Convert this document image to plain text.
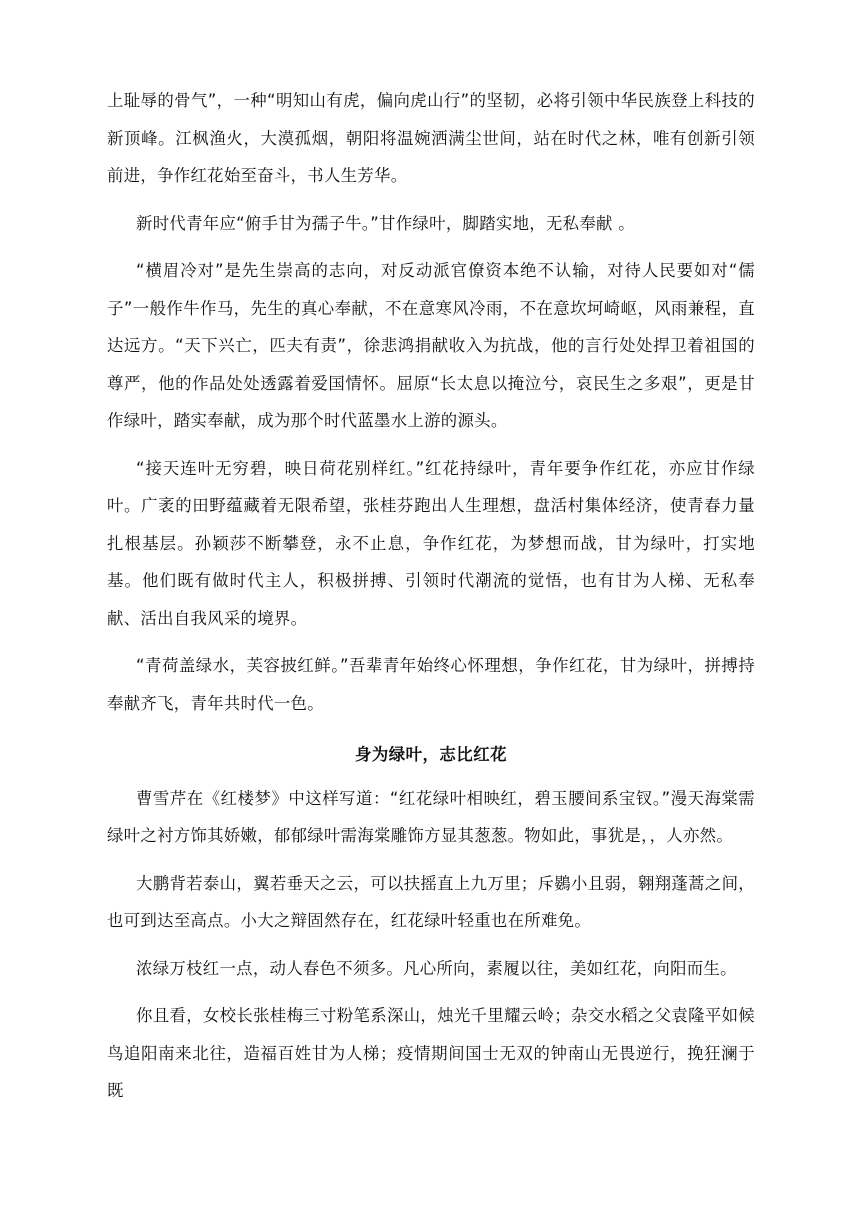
上耻辱的骨气”，一种“明知山有虎，偏向虎山行”的坚韧，必将引领中华民族登上科技的新顶峰。江枫渔火，大漠孤烟，朝阳将温婉洒满尘世间，站在时代之林，唯有创新引领前进，争作红花始至奋斗，书人生芳华。

新时代青年应“俯手甘为孺子牛。”甘作绿叶，脚踏实地，无私奉献 。

“横眉冷对”是先生崇高的志向，对反动派官僚资本绝不认输，对待人民要如对“儒子”一般作牛作马，先生的真心奉献，不在意寒风冷雨，不在意坎坷崎岖，风雨兼程，直达远方。“天下兴亡，匹夫有责”，徐悲鸿捐献收入为抗战，他的言行处处捍卫着祖国的尊严，他的作品处处透露着爱国情怀。屈原“长太息以掩泣兮，哀民生之多艰”，更是甘作绿叶，踏实奉献，成为那个时代蓝墨水上游的源头。

“接天连叶无穷碧，映日荷花别样红。”红花持绿叶，青年要争作红花，亦应甘作绿叶。广袤的田野蕴藏着无限希望，张桂芬跑出人生理想，盘活村集体经济，使青春力量扎根基层。孙颖莎不断攀登，永不止息，争作红花，为梦想而战，甘为绿叶，打实地基。他们既有做时代主人，积极拼搏、引领时代潮流的觉悟，也有甘为人梯、无私奉献、活出自我风采的境界。

“青荷盖绿水，芙容披红鲜。”吾辈青年始终心怀理想，争作红花，甘为绿叶，拼搏持奉献齐飞，青年共时代一色。

身为绿叶，志比红花

曹雪芹在《红楼梦》中这样写道：“红花绿叶相映红，碧玉腰间系宝钗。”漫天海棠需绿叶之衬方饰其娇嫩，郁郁绿叶需海棠雕饰方显其葱葱。物如此，事犹是，，人亦然。

大鹏背若泰山，翼若垂天之云，可以扶摇直上九万里；斥鷃小且弱，翱翔蓬蒿之间，也可到达至高点。小大之辩固然存在，红花绿叶轻重也在所难免。

浓绿万枝红一点，动人春色不须多。凡心所向，素履以往，美如红花，向阳而生。

你且看，女校长张桂梅三寸粉笔系深山，烛光千里耀云岭；杂交水稻之父袁隆平如候鸟追阳南来北往，造福百姓甘为人梯；疫情期间国士无双的钟南山无畏逆行，挽狂澜于既
